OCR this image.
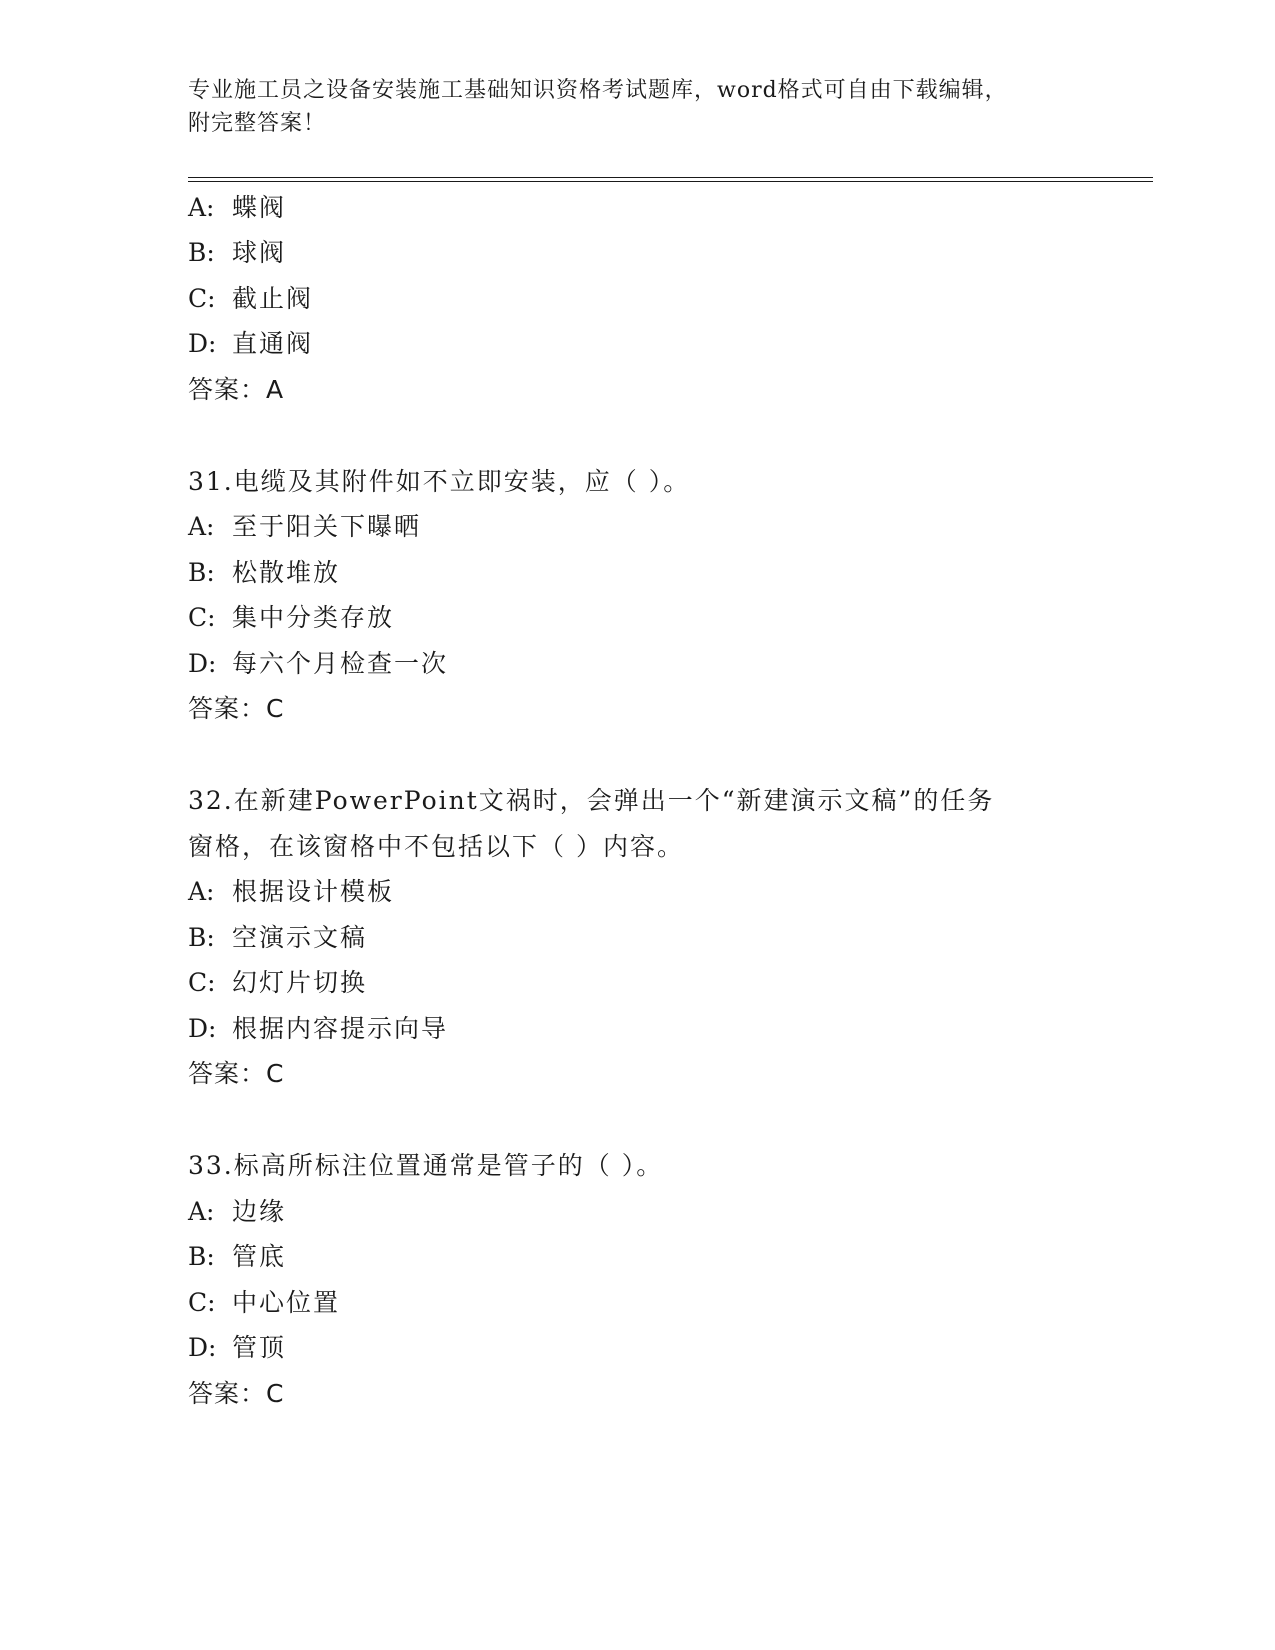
专业施工员之设备安装施工基础知识资格考试题库，word格式可自由下载编辑，
附完整答案！
A: 蝶阀
B: 球阀
C: 截止阀
D: 直通阀
答案：A
31.电缆及其附件如不立即安装，应（ ）。
A: 至于阳关下曝晒
B: 松散堆放
C: 集中分类存放
D: 每六个月检查一次
答案：C
32.在新建PowerPoint文祸时，会弹出一个“新建演示文稿”的任务
窗格，在该窗格中不包括以下（ ）内容。
A: 根据设计模板
B: 空演示文稿
C: 幻灯片切换
D: 根据内容提示向导
答案：C
33.标高所标注位置通常是管子的（ ）。
A: 边缘
B: 管底
C: 中心位置
D: 管顶
答案：C
